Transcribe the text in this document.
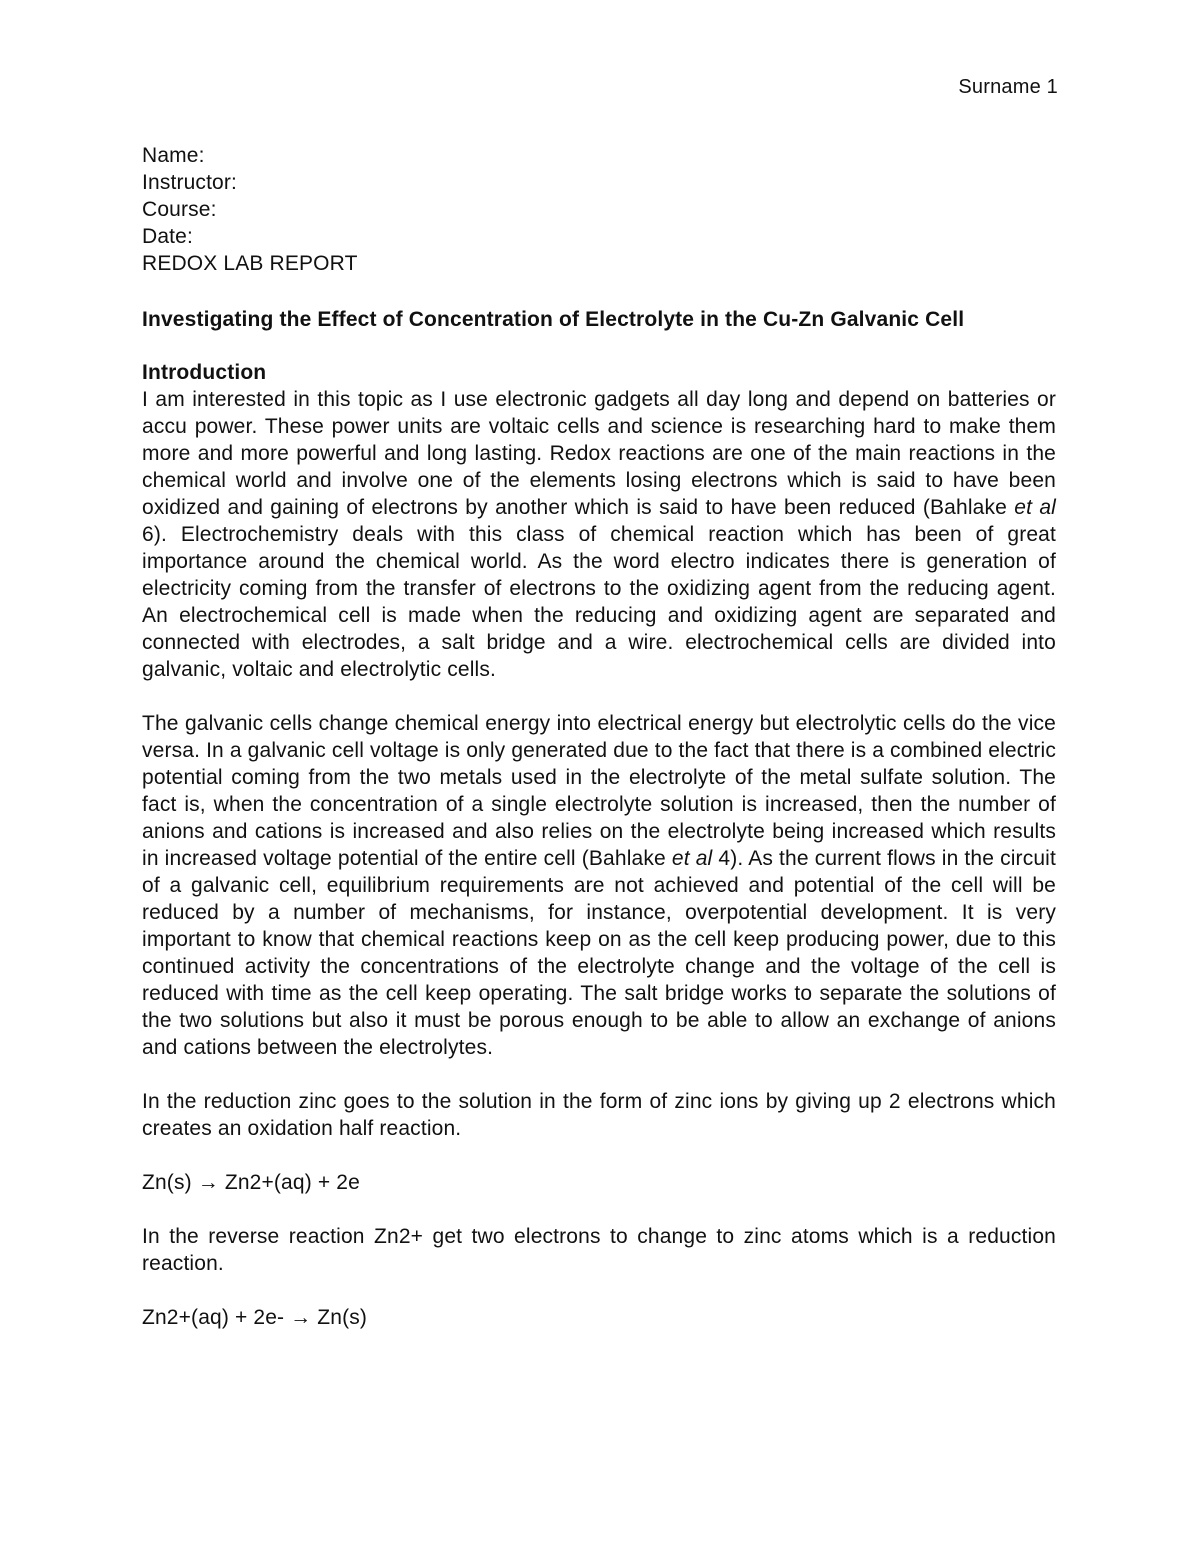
Surname 1
Name:
Instructor:
Course:
Date:
REDOX LAB REPORT
Investigating the Effect of Concentration of Electrolyte in the Cu-Zn Galvanic Cell
Introduction

I am interested in this topic as I use electronic gadgets all day long and depend on batteries or accu power. These power units are voltaic cells and science is researching hard to make them more and more powerful and long lasting. Redox reactions are one of the main reactions in the chemical world and involve one of the elements losing electrons which is said to have been oxidized and gaining of electrons by another which is said to have been reduced (Bahlake et al 6). Electrochemistry deals with this class of chemical reaction which has been of great importance around the chemical world. As the word electro indicates there is generation of electricity coming from the transfer of electrons to the oxidizing agent from the reducing agent. An electrochemical cell is made when the reducing and oxidizing agent are separated and connected with electrodes, a salt bridge and a wire. electrochemical cells are divided into galvanic, voltaic and electrolytic cells.

The galvanic cells change chemical energy into electrical energy but electrolytic cells do the vice versa. In a galvanic cell voltage is only generated due to the fact that there is a combined electric potential coming from the two metals used in the electrolyte of the metal sulfate solution. The fact is, when the concentration of a single electrolyte solution is increased, then the number of anions and cations is increased and also relies on the electrolyte being increased which results in increased voltage potential of the entire cell (Bahlake et al 4). As the current flows in the circuit of a galvanic cell, equilibrium requirements are not achieved and potential of the cell will be reduced by a number of mechanisms, for instance, overpotential development. It is very important to know that chemical reactions keep on as the cell keep producing power, due to this continued activity the concentrations of the electrolyte change and the voltage of the cell is reduced with time as the cell keep operating. The salt bridge works to separate the solutions of the two solutions but also it must be porous enough to be able to allow an exchange of anions and cations between the electrolytes.

In the reduction zinc goes to the solution in the form of zinc ions by giving up 2 electrons which creates an oxidation half reaction.

Zn(s) → Zn2+(aq) + 2e

In the reverse reaction Zn2+ get two electrons to change to zinc atoms which is a reduction reaction.

Zn2+(aq) + 2e- → Zn(s)
